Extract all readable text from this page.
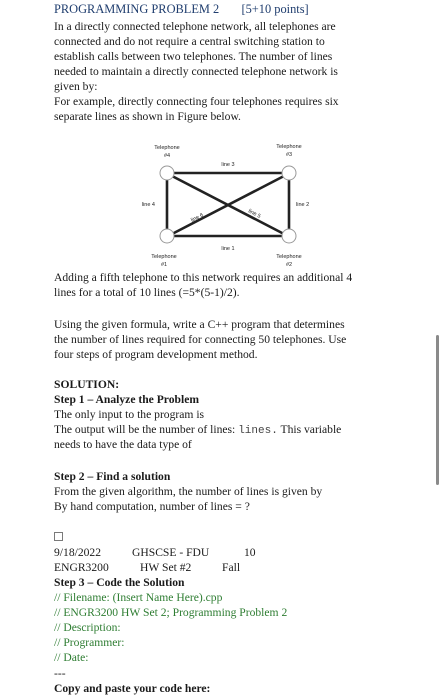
PROGRAMMING PROBLEM 2 [5+10 points]
In a directly connected telephone network, all telephones are
connected and do not require a central switching station to
establish calls between two telephones. The number of lines
needed to maintain a directly connected telephone network is
given by:
For example, directly connecting four telephones requires six
separate lines as shown in Figure below.
Telephone
#4
Telephone
#3
Telephone
#1
Telephone
#2
line 3
line 1
line 4	line 2
line 6	line 5
Adding a fifth telephone to this network requires an additional 4
lines for a total of 10 lines (=5*(5-1)/2).
Using the given formula, write a C++ program that determines
the number of lines required for connecting 50 telephones. Use
four steps of program development method.
SOLUTION:
Step 1 – Analyze the Problem
The only input to the program is
The output will be the number of lines: lines. This variable
needs to have the data type of
Step 2 – Find a solution
From the given algorithm, the number of lines is given by
By hand computation, number of lines = ?
9/18/2022	GHSCSE - FDU	10
ENGR3200	HW Set #2	Fall
Step 3 – Code the Solution
// Filename: (Insert Name Here).cpp
// ENGR3200 HW Set 2; Programming Problem 2
// Description:
// Programmer:
// Date:
---
Copy and paste your code here:
